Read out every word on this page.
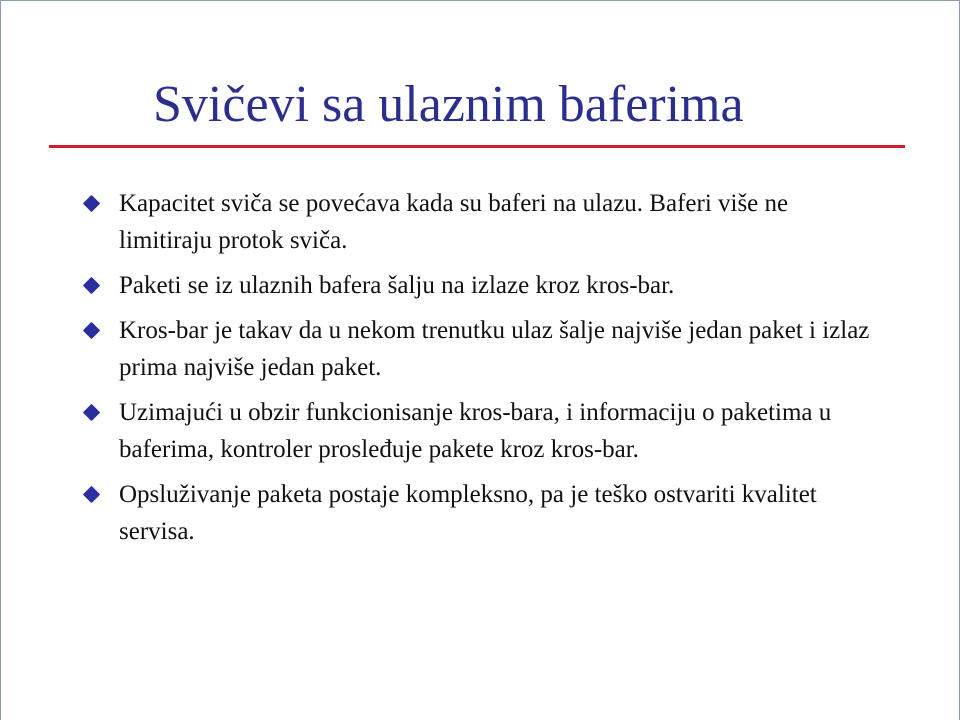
Svičevi sa ulaznim baferima
Kapacitet sviča se povećava kada su baferi na ulazu. Baferi više ne limitiraju protok sviča.
Paketi se iz ulaznih bafera šalju na izlaze kroz kros-bar.
Kros-bar je takav da u nekom trenutku ulaz šalje najviše jedan paket i izlaz prima najviše jedan paket.
Uzimajući u obzir funkcionisanje kros-bara, i informaciju o paketima u baferima, kontroler prosleđuje pakete kroz kros-bar.
Opsluživanje paketa postaje kompleksno, pa je teško ostvariti kvalitet servisa.
